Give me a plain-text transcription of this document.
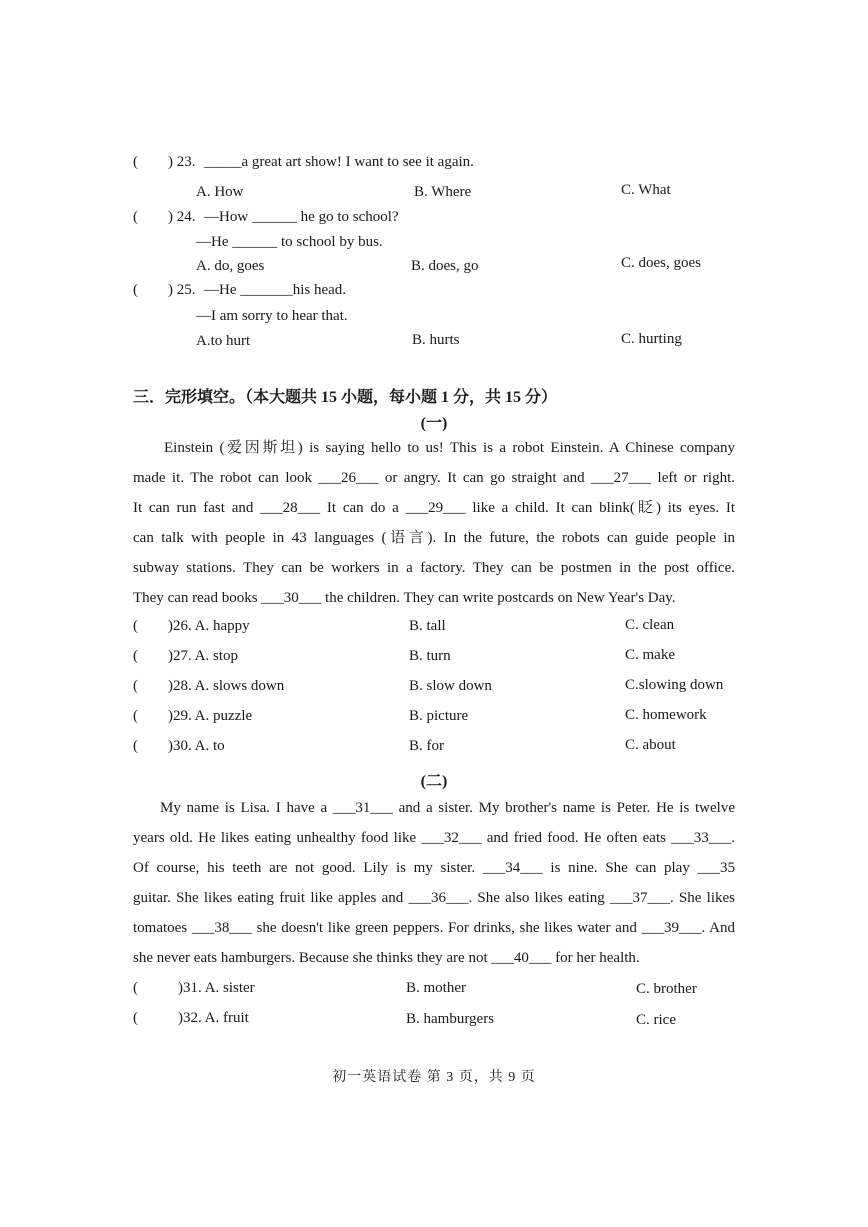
( ) 23. _____a great art show! I want to see it again.
A. How	B. Where	C. What
( ) 24. —How ______ he go to school?
—He ______ to school by bus.
A. do, goes	B. does, go	C. does, goes
( ) 25. —He _______his head.
—I am sorry to hear that.
A.to hurt	B. hurts	C. hurting
三．完形填空。（本大题共 15 小题，每小题 1 分，共 15 分）
(一)
Einstein (爱因斯坦) is saying hello to us! This is a robot Einstein. A Chinese company
made it. The robot can look ___26___ or angry. It can go straight and ___27___ left or right.
It can run fast and ___28___ It can do a ___29___ like a child. It can blink(眨) its eyes. It
can talk with people in 43 languages (语言). In the future, the robots can guide people in
subway stations. They can be workers in a factory. They can be postmen in the post office.
They can read books ___30___ the children. They can write postcards on New Year's Day.
( )26. A. happy	B. tall	C. clean
( )27. A. stop	B. turn	C. make
( )28. A. slows down	B. slow down	C.slowing down
( )29. A. puzzle	B. picture	C. homework
( )30. A. to	B. for	C. about
(二)
My name is Lisa. I have a ___31___ and a sister. My brother's name is Peter. He is twelve
years old. He likes eating unhealthy food like ___32___ and fried food. He often eats ___33___.
Of course, his teeth are not good. Lily is my sister. ___34___ is nine. She can play ___35
guitar. She likes eating fruit like apples and ___36___. She also likes eating ___37___. She likes
tomatoes ___38___ she doesn't like green peppers. For drinks, she likes water and ___39___. And
she never eats hamburgers. Because she thinks they are not ___40___ for her health.
(	)31. A. sister	B. mother	C. brother
(	)32. A. fruit	B. hamburgers	C. rice
初一英语试卷 第 3 页，共 9 页
